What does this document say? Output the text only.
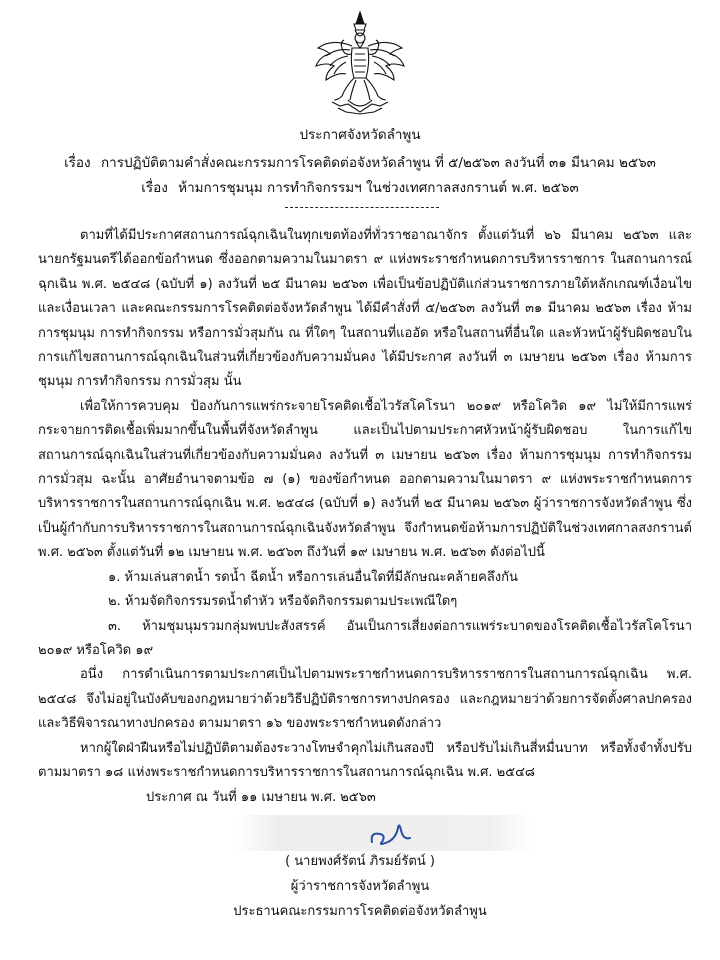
ประกาศจังหวัดลำพูน
เรื่อง การปฏิบัติตามคำสั่งคณะกรรมการโรคติดต่อจังหวัดลำพูน ที่ ๕/๒๕๖๓ ลงวันที่ ๓๑ มีนาคม ๒๕๖๓
เรื่อง ห้ามการชุมนุม การทำกิจกรรมฯ ในช่วงเทศกาลสงกรานต์ พ.ศ. ๒๕๖๓

ตามที่ได้มีประกาศสถานการณ์ฉุกเฉินในทุกเขตท้องที่ทั่วราชอาณาจักร ตั้งแต่วันที่ ๒๖ มีนาคม ๒๕๖๓ และนายกรัฐมนตรีได้ออกข้อกำหนด ซึ่งออกตามความในมาตรา ๙ แห่งพระราชกำหนดการบริหารราชการ ในสถานการณ์ฉุกเฉิน พ.ศ. ๒๕๔๘ (ฉบับที่ ๑) ลงวันที่ ๒๕ มีนาคม ๒๕๖๓ เพื่อเป็นข้อปฏิบัติแก่ส่วนราชการภายใต้หลักเกณฑ์เงื่อนไขและเงื่อนเวลา และคณะกรรมการโรคติดต่อจังหวัดลำพูน ได้มีคำสั่งที่ ๕/๒๕๖๓ ลงวันที่ ๓๑ มีนาคม ๒๕๖๓ เรื่อง ห้ามการชุมนุม การทำกิจกรรม หรือการมั่วสุมกัน ณ ที่ใดๆ ในสถานที่แออัด หรือในสถานที่อื่นใด และหัวหน้าผู้รับผิดชอบในการแก้ไขสถานการณ์ฉุกเฉินในส่วนที่เกี่ยวข้องกับความมั่นคง ได้มีประกาศ ลงวันที่ ๓ เมษายน ๒๕๖๓ เรื่อง ห้ามการชุมนุม การทำกิจกรรม การมั่วสุม นั้น

เพื่อให้การควบคุม ป้องกันการแพร่กระจายโรคติดเชื้อไวรัสโคโรนา ๒๐๑๙ หรือโควิด ๑๙ ไม่ให้มีการแพร่กระจายการติดเชื้อเพิ่มมากขึ้นในพื้นที่จังหวัดลำพูน และเป็นไปตามประกาศหัวหน้าผู้รับผิดชอบ ในการแก้ไขสถานการณ์ฉุกเฉินในส่วนที่เกี่ยวข้องกับความมั่นคง ลงวันที่ ๓ เมษายน ๒๕๖๓ เรื่อง ห้ามการชุมนุม การทำกิจกรรม การมั่วสุม ฉะนั้น อาศัยอำนาจตามข้อ ๗ (๑) ของข้อกำหนด ออกตามความในมาตรา ๙ แห่งพระราชกำหนดการบริหารราชการในสถานการณ์ฉุกเฉิน พ.ศ. ๒๕๔๘ (ฉบับที่ ๑) ลงวันที่ ๒๕ มีนาคม ๒๕๖๓ ผู้ว่าราชการจังหวัดลำพูน ซึ่งเป็นผู้กำกับการบริหารราชการในสถานการณ์ฉุกเฉินจังหวัดลำพูน จึงกำหนดข้อห้ามการปฏิบัติในช่วงเทศกาลสงกรานต์ พ.ศ. ๒๕๖๓ ตั้งแต่วันที่ ๑๒ เมษายน พ.ศ. ๒๕๖๓ ถึงวันที่ ๑๙ เมษายน พ.ศ. ๒๕๖๓ ดังต่อไปนี้

๑. ห้ามเล่นสาดน้ำ รดน้ำ ฉีดน้ำ หรือการเล่นอื่นใดที่มีลักษณะคล้ายคลึงกัน

๒. ห้ามจัดกิจกรรมรดน้ำดำหัว หรือจัดกิจกรรมตามประเพณีใดๆ

๓. ห้ามชุมนุมรวมกลุ่มพบปะสังสรรค์ อันเป็นการเสี่ยงต่อการแพร่ระบาดของโรคติดเชื้อไวรัสโคโรนา ๒๐๑๙ หรือโควิด ๑๙

อนึ่ง การดำเนินการตามประกาศเป็นไปตามพระราชกำหนดการบริหารราชการในสถานการณ์ฉุกเฉิน พ.ศ. ๒๕๔๘ จึงไม่อยู่ในบังคับของกฎหมายว่าด้วยวิธีปฏิบัติราชการทางปกครอง และกฎหมายว่าด้วยการจัดตั้งศาลปกครองและวิธีพิจารณาทางปกครอง ตามมาตรา ๑๖ ของพระราชกำหนดดังกล่าว

หากผู้ใดฝ่าฝืนหรือไม่ปฏิบัติตามต้องระวางโทษจำคุกไม่เกินสองปี หรือปรับไม่เกินสี่หมื่นบาท หรือทั้งจำทั้งปรับ ตามมาตรา ๑๘ แห่งพระราชกำหนดการบริหารราชการในสถานการณ์ฉุกเฉิน พ.ศ. ๒๕๔๘

ประกาศ ณ วันที่ ๑๑ เมษายน พ.ศ. ๒๕๖๓
( นายพงศ์รัตน์ ภิรมย์รัตน์ )
ผู้ว่าราชการจังหวัดลำพูน
ประธานคณะกรรมการโรคติดต่อจังหวัดลำพูน
